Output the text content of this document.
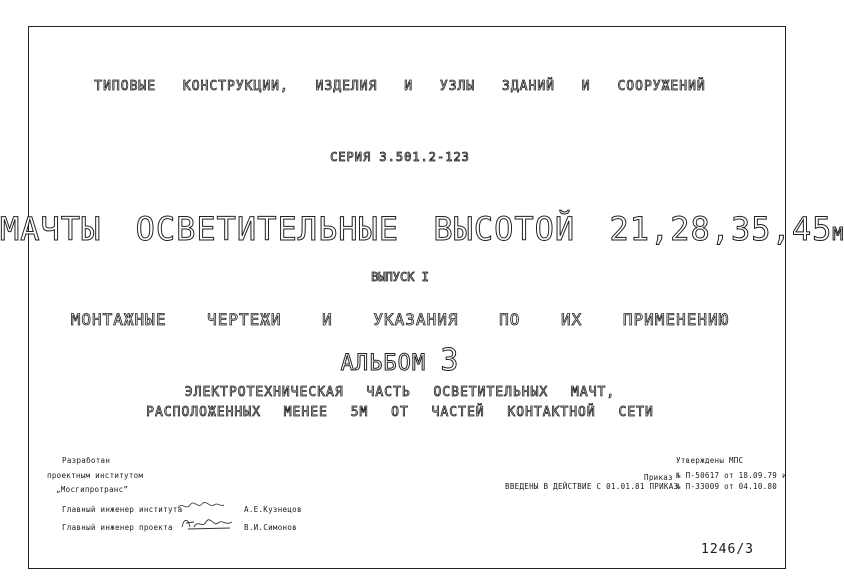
ТИПОВЫЕ КОНСТРУКЦИИ, ИЗДЕЛИЯ И УЗЛЫ ЗДАНИЙ И СООРУЖЕНИЙ
СЕРИЯ 3.501.2-123
МАЧТЫ ОСВЕТИТЕЛЬНЫЕ ВЫСОТОЙ 21,28,35,45М
ВЫПУСК I
МОНТАЖНЫЕ ЧЕРТЕЖИ И УКАЗАНИЯ ПО ИХ ПРИМЕНЕНИЮ
АЛЬБОМ 3
ЭЛЕКТРОТЕХНИЧЕСКАЯ ЧАСТЬ ОСВЕТИТЕЛЬНЫХ МАЧТ,
РАСПОЛОЖЕННЫХ МЕНЕЕ 5М ОТ ЧАСТЕЙ КОНТАКТНОЙ СЕТИ
Разработан
проектным институтом
„Мосгипротранс”
Главный инженер института	А.Е.Кузнецов
Главный инженер проекта	В.И.Симонов
Утверждены МПС
Приказ № П-50617 от 18.09.79 и
№ П-33009 от 04.10.80
ВВЕДЕНЫ В ДЕЙСТВИЕ С 01.01.81 ПРИКАЗ
1246/3
